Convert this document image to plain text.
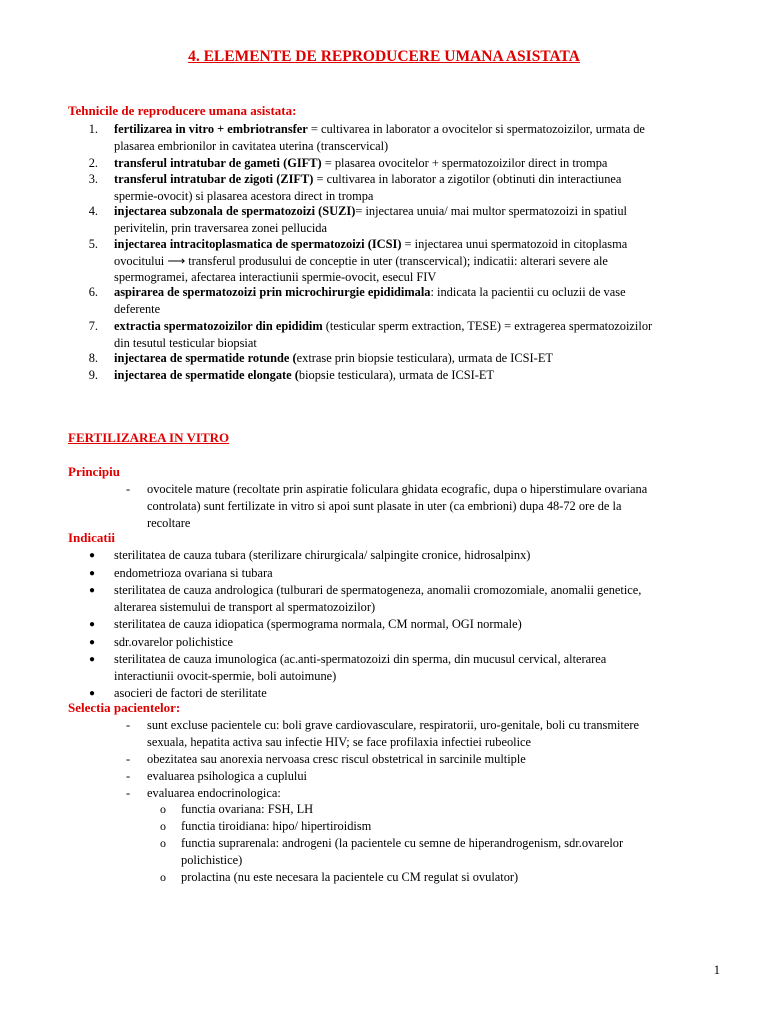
4. ELEMENTE DE REPRODUCERE UMANA ASISTATA
Tehnicile de reproducere umana asistata:
1. fertilizarea in vitro + embriotransfer = cultivarea in laborator a ovocitelor si spermatozoizilor, urmata de
plasarea embrionilor in cavitatea uterina (transcervical)
2. transferul intratubar de gameti (GIFT) = plasarea ovocitelor + spermatozoizilor direct in trompa
3. transferul intratubar de zigoti (ZIFT) = cultivarea in laborator a zigotilor (obtinuti din interactiunea
spermie-ovocit) si plasarea acestora direct in trompa
4. injectarea subzonala de spermatozoizi (SUZI)= injectarea unuia/ mai multor spermatozoizi in spatiul
perivitelin, prin traversarea zonei pellucida
5. injectarea intracitoplasmatica de spermatozoizi (ICSI) = injectarea unui spermatozoid in citoplasma
ovocitului ⟶ transferul produsului de conceptie in uter (transcervical); indicatii: alterari severe ale
spermogramei, afectarea interactiunii spermie-ovocit, esecul FIV
6. aspirarea de spermatozoizi prin microchirurgie epididimala: indicata la pacientii cu ocluzii de vase
deferente
7. extractia spermatozoizilor din epididim (testicular sperm extraction, TESE) = extragerea spermatozoizilor
din tesutul testicular biopsiat
8. injectarea de spermatide rotunde (extrase prin biopsie testiculara), urmata de ICSI-ET
9. injectarea de spermatide elongate (biopsie testiculara), urmata de ICSI-ET
FERTILIZAREA IN VITRO
Principiu
- ovocitele mature (recoltate prin aspiratie foliculara ghidata ecografic, dupa o hiperstimulare ovariana
controlata) sunt fertilizate in vitro si apoi sunt plasate in uter (ca embrioni) dupa 48-72 ore de la
recoltare
Indicatii
● sterilitatea de cauza tubara (sterilizare chirurgicala/ salpingite cronice, hidrosalpinx)
● endometrioza ovariana si tubara
● sterilitatea de cauza andrologica (tulburari de spermatogeneza, anomalii cromozomiale, anomalii genetice,
alterarea sistemului de transport al spermatozoizilor)
● sterilitatea de cauza idiopatica (spermograma normala, CM normal, OGI normale)
● sdr.ovarelor polichistice
● sterilitatea de cauza imunologica (ac.anti-spermatozoizi din sperma, din mucusul cervical, alterarea
interactiunii ovocit-spermie, boli autoimune)
● asocieri de factori de sterilitate
Selectia pacientelor:
- sunt excluse pacientele cu: boli grave cardiovasculare, respiratorii, uro-genitale, boli cu transmitere
sexuala, hepatita activa sau infectie HIV; se face profilaxia infectiei rubeolice
- obezitatea sau anorexia nervoasa cresc riscul obstetrical in sarcinile multiple
- evaluarea psihologica a cuplului
- evaluarea endocrinologica:
o functia ovariana: FSH, LH
o functia tiroidiana: hipo/ hipertiroidism
o functia suprarenala: androgeni (la pacientele cu semne de hiperandrogenism, sdr.ovarelor
polichistice)
o prolactina (nu este necesara la pacientele cu CM regulat si ovulator)
1
